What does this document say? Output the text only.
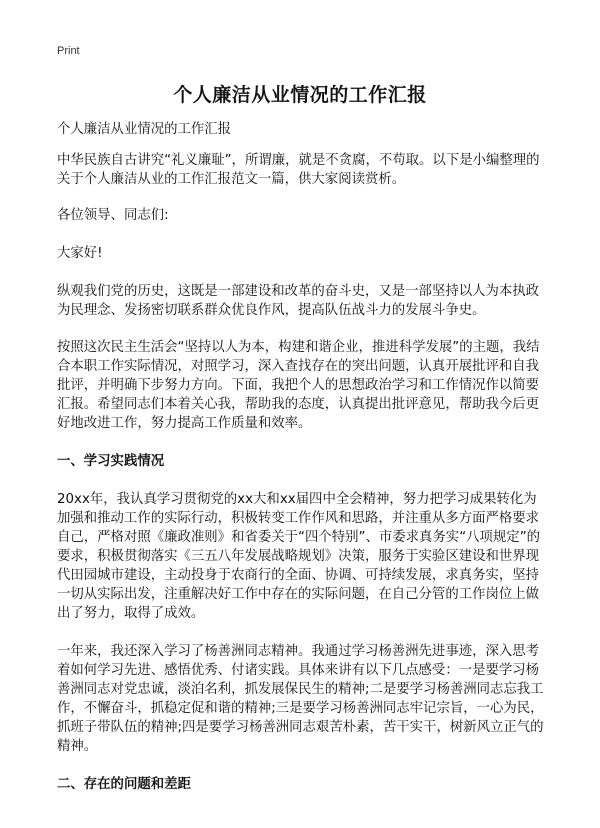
Print
个人廉洁从业情况的工作汇报

个人廉洁从业情况的工作汇报

中华民族自古讲究“礼义廉耻”，所谓廉，就是不贪腐，不苟取。以下是小编整理的关于个人廉洁从业的工作汇报范文一篇，供大家阅读赏析。

各位领导、同志们:

大家好!

纵观我们党的历史，这既是一部建设和改革的奋斗史，又是一部坚持以人为本执政为民理念、发扬密切联系群众优良作风，提高队伍战斗力的发展斗争史。

按照这次民主生活会“坚持以人为本，构建和谐企业，推进科学发展”的主题，我结合本职工作实际情况，对照学习，深入查找存在的突出问题，认真开展批评和自我批评，并明确下步努力方向。下面，我把个人的思想政治学习和工作情况作以简要汇报。希望同志们本着关心我，帮助我的态度，认真提出批评意见，帮助我今后更好地改进工作，努力提高工作质量和效率。

一、学习实践情况

20xx年，我认真学习贯彻党的xx大和xx届四中全会精神，努力把学习成果转化为加强和推动工作的实际行动，积极转变工作作风和思路，并注重从多方面严格要求自己，严格对照《廉政准则》和省委关于“四个特别”、市委求真务实“八项规定”的要求，积极贯彻落实《三五八年发展战略规划》决策，服务于实验区建设和世界现代田园城市建设，主动投身于农商行的全面、协调、可持续发展，求真务实，坚持一切从实际出发，注重解决好工作中存在的实际问题，在自己分管的工作岗位上做出了努力，取得了成效。

一年来，我还深入学习了杨善洲同志精神。我通过学习杨善洲先进事迹，深入思考着如何学习先进、感悟优秀、付诸实践。具体来讲有以下几点感受：一是要学习杨善洲同志对党忠诚，淡泊名利，抓发展保民生的精神;二是要学习杨善洲同志忘我工作，不懈奋斗，抓稳定促和谐的精神;三是要学习杨善洲同志牢记宗旨，一心为民，抓班子带队伍的精神;四是要学习杨善洲同志艰苦朴素，苦干实干，树新风立正气的精神。

二、存在的问题和差距
